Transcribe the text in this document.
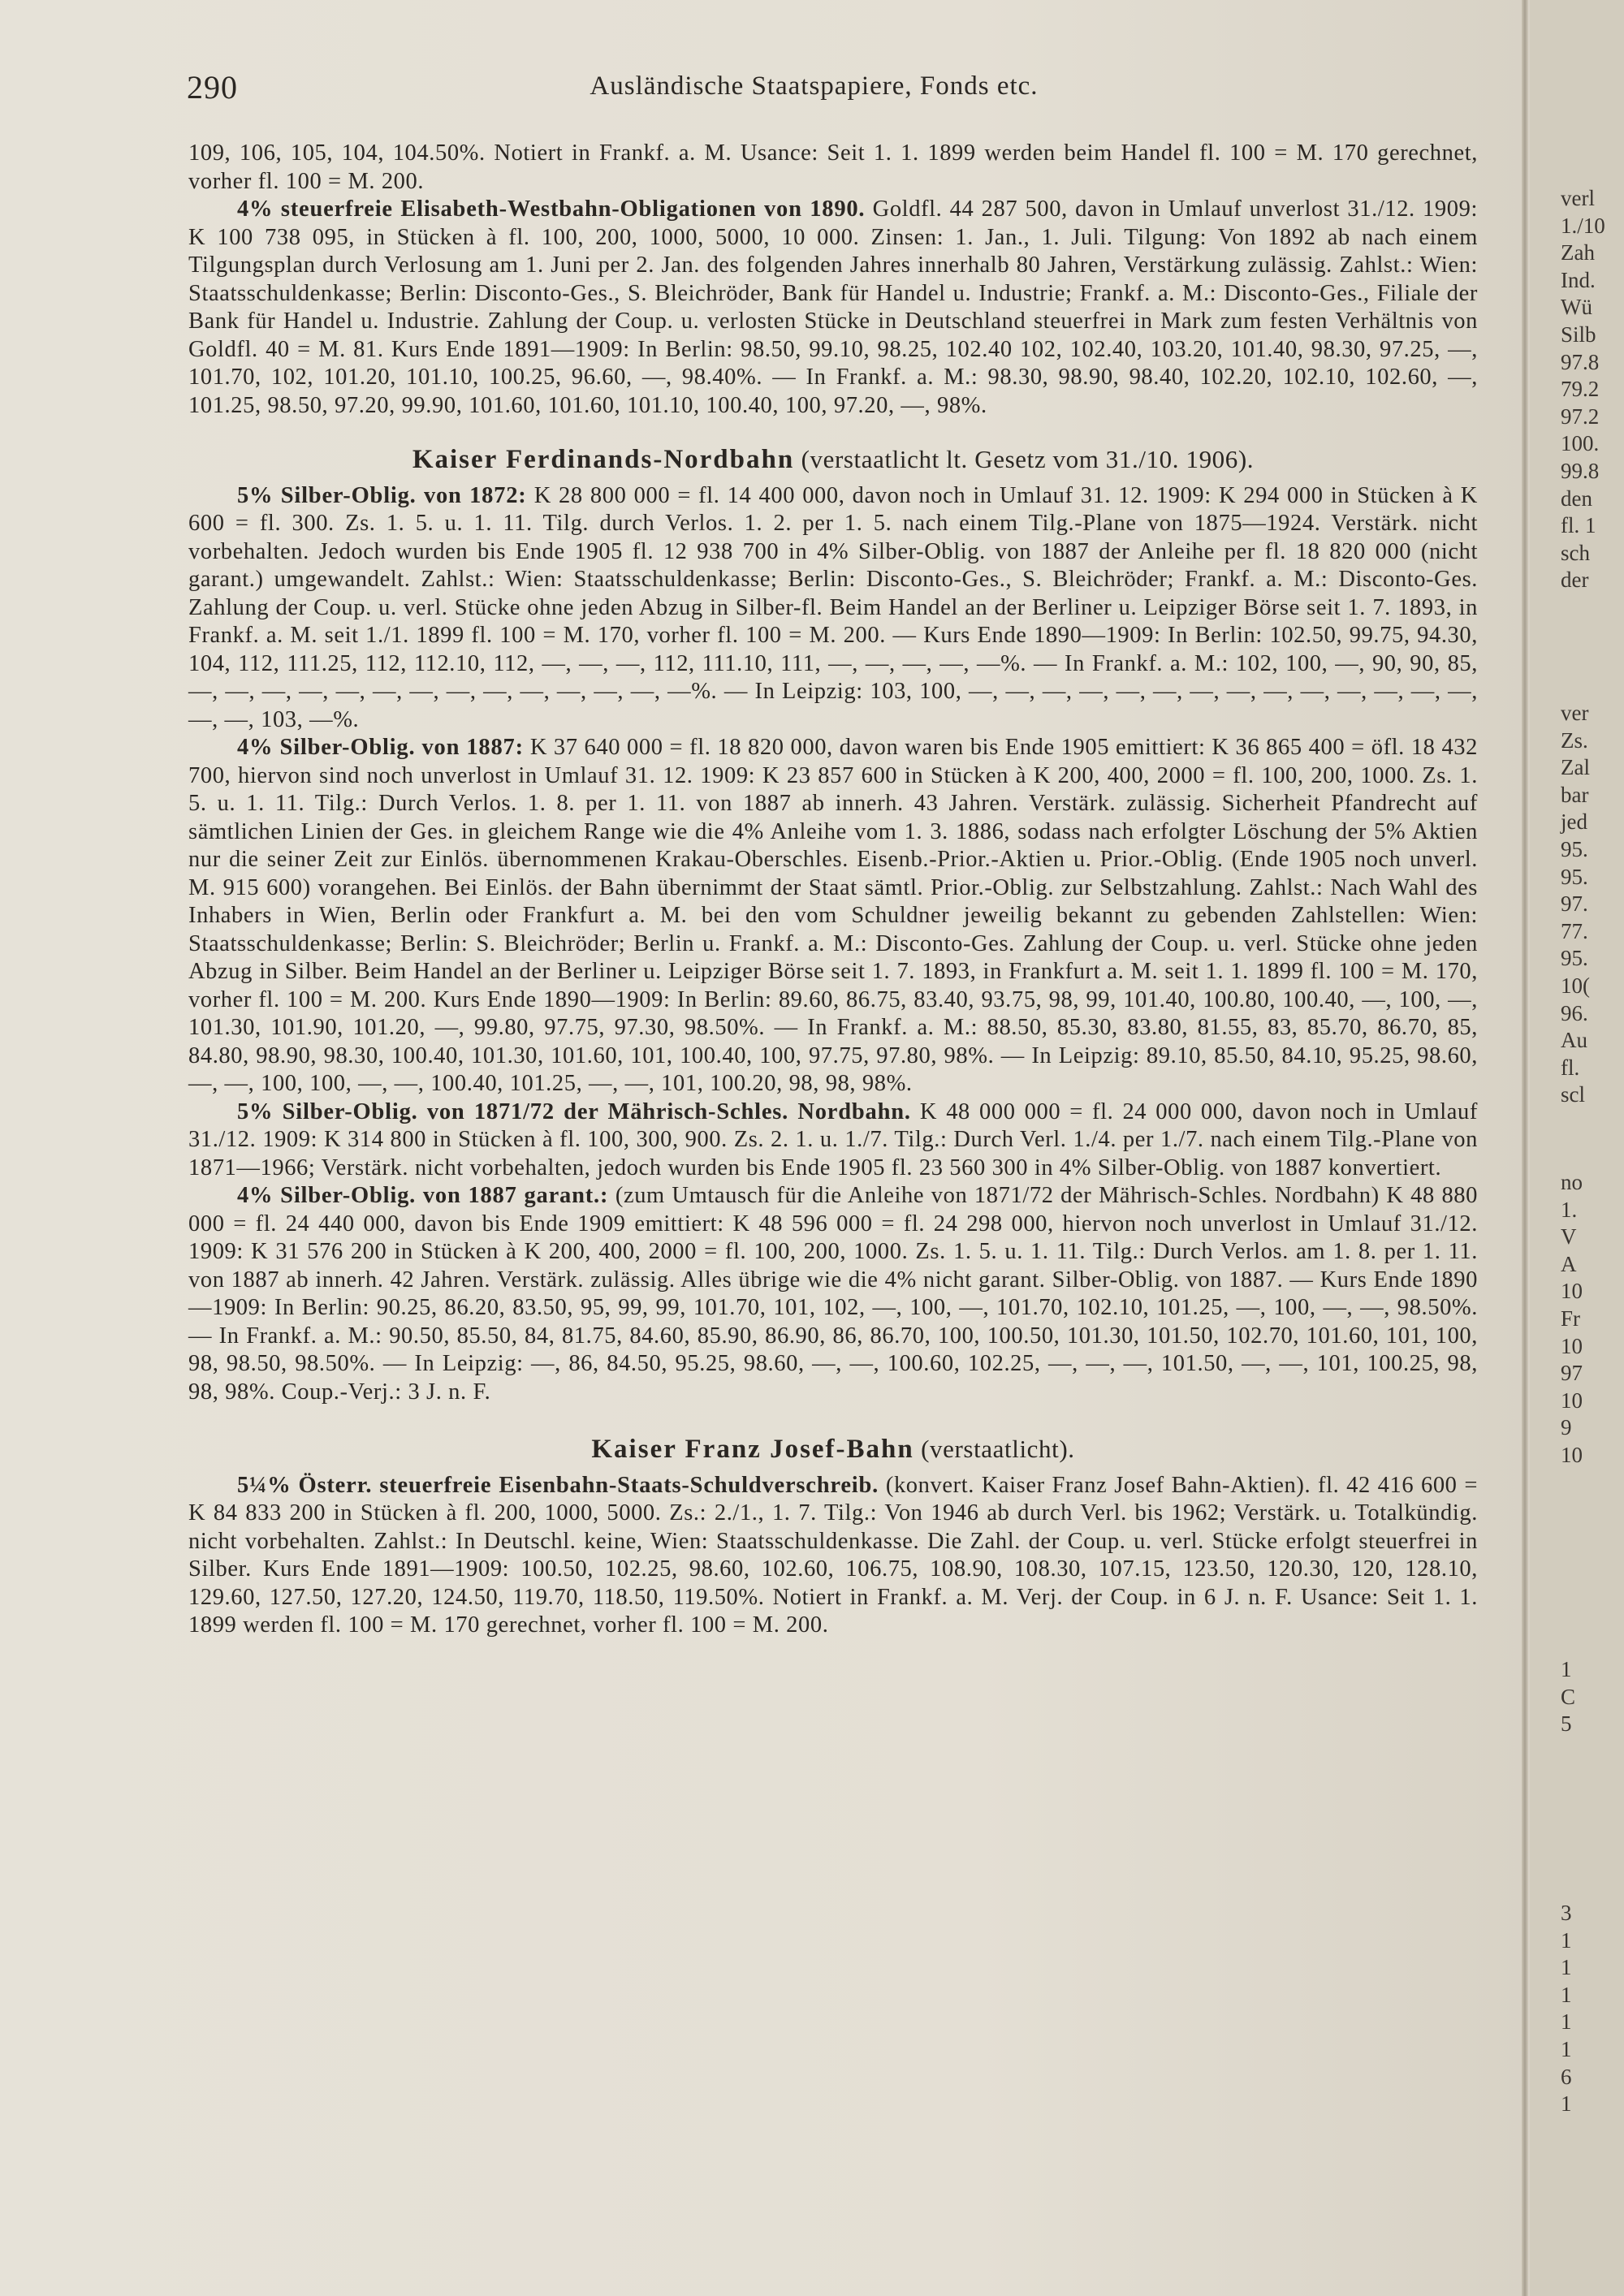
290	Ausländische Staatspapiere, Fonds etc.

109, 106, 105, 104, 104.50%. Notiert in Frankf. a. M. Usance: Seit 1. 1. 1899 werden beim Handel fl. 100 = M. 170 gerechnet, vorher fl. 100 = M. 200.

4% steuerfreie Elisabeth-Westbahn-Obligationen von 1890. Goldfl. 44 287 500, davon in Umlauf unverlost 31./12. 1909: K 100 738 095, in Stücken à fl. 100, 200, 1000, 5000, 10 000. Zinsen: 1. Jan., 1. Juli. Tilgung: Von 1892 ab nach einem Tilgungsplan durch Verlosung am 1. Juni per 2. Jan. des folgenden Jahres innerhalb 80 Jahren, Verstärkung zulässig. Zahlst.: Wien: Staatsschuldenkasse; Berlin: Disconto-Ges., S. Bleichröder, Bank für Handel u. Industrie; Frankf. a. M.: Disconto-Ges., Filiale der Bank für Handel u. Industrie. Zahlung der Coup. u. verlosten Stücke in Deutschland steuerfrei in Mark zum festen Verhältnis von Goldfl. 40 = M. 81. Kurs Ende 1891—1909: In Berlin: 98.50, 99.10, 98.25, 102.40 102, 102.40, 103.20, 101.40, 98.30, 97.25, —, 101.70, 102, 101.20, 101.10, 100.25, 96.60, —, 98.40%. — In Frankf. a. M.: 98.30, 98.90, 98.40, 102.20, 102.10, 102.60, —, 101.25, 98.50, 97.20, 99.90, 101.60, 101.60, 101.10, 100.40, 100, 97.20, —, 98%.

Kaiser Ferdinands-Nordbahn (verstaatlicht lt. Gesetz vom 31./10. 1906).

5% Silber-Oblig. von 1872: K 28 800 000 = fl. 14 400 000, davon noch in Umlauf 31. 12. 1909: K 294 000 in Stücken à K 600 = fl. 300. Zs. 1. 5. u. 1. 11. Tilg. durch Verlos. 1. 2. per 1. 5. nach einem Tilg.-Plane von 1875—1924. Verstärk. nicht vorbehalten. Jedoch wurden bis Ende 1905 fl. 12 938 700 in 4% Silber-Oblig. von 1887 der Anleihe per fl. 18 820 000 (nicht garant.) umgewandelt. Zahlst.: Wien: Staatsschuldenkasse; Berlin: Disconto-Ges., S. Bleichröder; Frankf. a. M.: Disconto-Ges. Zahlung der Coup. u. verl. Stücke ohne jeden Abzug in Silber-fl. Beim Handel an der Berliner u. Leipziger Börse seit 1. 7. 1893, in Frankf. a. M. seit 1./1. 1899 fl. 100 = M. 170, vorher fl. 100 = M. 200. — Kurs Ende 1890—1909: In Berlin: 102.50, 99.75, 94.30, 104, 112, 111.25, 112, 112.10, 112, —, —, —, 112, 111.10, 111, —, —, —, —, —%. — In Frankf. a. M.: 102, 100, —, 90, 90, 85, —, —, —, —, —, —, —, —, —, —, —, —, —, —%. — In Leipzig: 103, 100, —, —, —, —, —, —, —, —, —, —, —, —, —, —, —, —, 103, —%.

4% Silber-Oblig. von 1887: K 37 640 000 = fl. 18 820 000, davon waren bis Ende 1905 emittiert: K 36 865 400 = öfl. 18 432 700, hiervon sind noch unverlost in Umlauf 31. 12. 1909: K 23 857 600 in Stücken à K 200, 400, 2000 = fl. 100, 200, 1000. Zs. 1. 5. u. 1. 11. Tilg.: Durch Verlos. 1. 8. per 1. 11. von 1887 ab innerh. 43 Jahren. Verstärk. zulässig. Sicherheit Pfandrecht auf sämtlichen Linien der Ges. in gleichem Range wie die 4% Anleihe vom 1. 3. 1886, sodass nach erfolgter Löschung der 5% Aktien nur die seiner Zeit zur Einlös. übernommenen Krakau-Oberschles. Eisenb.-Prior.-Aktien u. Prior.-Oblig. (Ende 1905 noch unverl. M. 915 600) vorangehen. Bei Einlös. der Bahn übernimmt der Staat sämtl. Prior.-Oblig. zur Selbstzahlung. Zahlst.: Nach Wahl des Inhabers in Wien, Berlin oder Frankfurt a. M. bei den vom Schuldner jeweilig bekannt zu gebenden Zahlstellen: Wien: Staatsschuldenkasse; Berlin: S. Bleichröder; Berlin u. Frankf. a. M.: Disconto-Ges. Zahlung der Coup. u. verl. Stücke ohne jeden Abzug in Silber. Beim Handel an der Berliner u. Leipziger Börse seit 1. 7. 1893, in Frankfurt a. M. seit 1. 1. 1899 fl. 100 = M. 170, vorher fl. 100 = M. 200. Kurs Ende 1890—1909: In Berlin: 89.60, 86.75, 83.40, 93.75, 98, 99, 101.40, 100.80, 100.40, —, 100, —, 101.30, 101.90, 101.20, —, 99.80, 97.75, 97.30, 98.50%. — In Frankf. a. M.: 88.50, 85.30, 83.80, 81.55, 83, 85.70, 86.70, 85, 84.80, 98.90, 98.30, 100.40, 101.30, 101.60, 101, 100.40, 100, 97.75, 97.80, 98%. — In Leipzig: 89.10, 85.50, 84.10, 95.25, 98.60, —, —, 100, 100, —, —, 100.40, 101.25, —, —, 101, 100.20, 98, 98, 98%.

5% Silber-Oblig. von 1871/72 der Mährisch-Schles. Nordbahn. K 48 000 000 = fl. 24 000 000, davon noch in Umlauf 31./12. 1909: K 314 800 in Stücken à fl. 100, 300, 900. Zs. 2. 1. u. 1./7. Tilg.: Durch Verl. 1./4. per 1./7. nach einem Tilg.-Plane von 1871—1966; Verstärk. nicht vorbehalten, jedoch wurden bis Ende 1905 fl. 23 560 300 in 4% Silber-Oblig. von 1887 konvertiert.

4% Silber-Oblig. von 1887 garant.: (zum Umtausch für die Anleihe von 1871/72 der Mährisch-Schles. Nordbahn) K 48 880 000 = fl. 24 440 000, davon bis Ende 1909 emittiert: K 48 596 000 = fl. 24 298 000, hiervon noch unverlost in Umlauf 31./12. 1909: K 31 576 200 in Stücken à K 200, 400, 2000 = fl. 100, 200, 1000. Zs. 1. 5. u. 1. 11. Tilg.: Durch Verlos. am 1. 8. per 1. 11. von 1887 ab innerh. 42 Jahren. Verstärk. zulässig. Alles übrige wie die 4% nicht garant. Silber-Oblig. von 1887. — Kurs Ende 1890—1909: In Berlin: 90.25, 86.20, 83.50, 95, 99, 99, 101.70, 101, 102, —, 100, —, 101.70, 102.10, 101.25, —, 100, —, —, 98.50%. — In Frankf. a. M.: 90.50, 85.50, 84, 81.75, 84.60, 85.90, 86.90, 86, 86.70, 100, 100.50, 101.30, 101.50, 102.70, 101.60, 101, 100, 98, 98.50, 98.50%. — In Leipzig: —, 86, 84.50, 95.25, 98.60, —, —, 100.60, 102.25, —, —, —, 101.50, —, —, 101, 100.25, 98, 98, 98%. Coup.-Verj.: 3 J. n. F.

Kaiser Franz Josef-Bahn (verstaatlicht).

5¼% Österr. steuerfreie Eisenbahn-Staats-Schuldverschreib. (konvert. Kaiser Franz Josef Bahn-Aktien). fl. 42 416 600 = K 84 833 200 in Stücken à fl. 200, 1000, 5000. Zs.: 2./1., 1. 7. Tilg.: Von 1946 ab durch Verl. bis 1962; Verstärk. u. Totalkündig. nicht vorbehalten. Zahlst.: In Deutschl. keine, Wien: Staatsschuldenkasse. Die Zahl. der Coup. u. verl. Stücke erfolgt steuerfrei in Silber. Kurs Ende 1891—1909: 100.50, 102.25, 98.60, 102.60, 106.75, 108.90, 108.30, 107.15, 123.50, 120.30, 120, 128.10, 129.60, 127.50, 127.20, 124.50, 119.70, 118.50, 119.50%. Notiert in Frankf. a. M. Verj. der Coup. in 6 J. n. F. Usance: Seit 1. 1. 1899 werden fl. 100 = M. 170 gerechnet, vorher fl. 100 = M. 200.

verl
1./10
Zah
Ind.
Wü
Silb
97.8
79.2
97.2
100.
99.8
den
fl. 1
sch
der
ver
Zs.
Zal
bar
jed
95.
95.
97.
77.
95.
10(
96.
Au
fl.
scl
no
1.
V
A
10
Fr
10
97
10
9
10
1
C
5
3
1
1
1
1
1
6
1
